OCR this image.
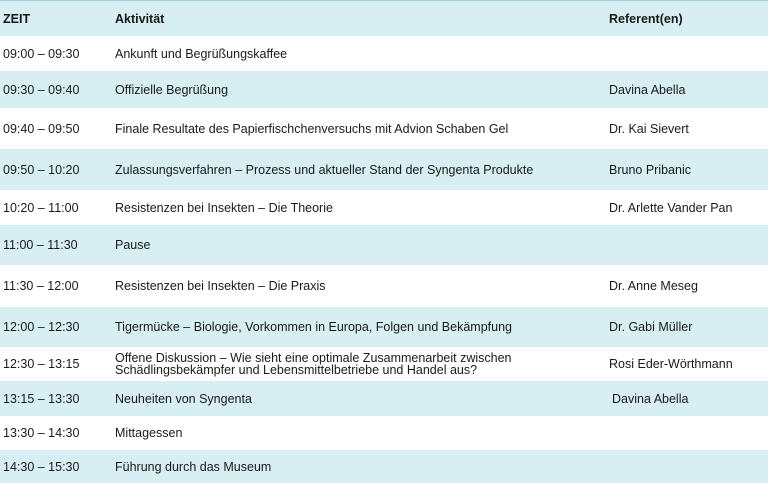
ZEIT	Aktivität	Referent(en)
09:00 – 09:30	Ankunft und Begrüßungskaffee
09:30 – 09:40	Offizielle Begrüßung	Davina Abella
09:40 – 09:50	Finale Resultate des Papierfischchenversuchs mit Advion Schaben Gel	Dr. Kai Sievert
09:50 – 10:20	Zulassungsverfahren – Prozess und aktueller Stand der Syngenta Produkte	Bruno Pribanic
10:20 – 11:00	Resistenzen bei Insekten – Die Theorie	Dr. Arlette Vander Pan
11:00 – 11:30	Pause
11:30 – 12:00	Resistenzen bei Insekten – Die Praxis	Dr. Anne Meseg
12:00 – 12:30	Tigermücke – Biologie, Vorkommen in Europa, Folgen und Bekämpfung	Dr. Gabi Müller
12:30 – 13:15	Offene Diskussion – Wie sieht eine optimale Zusammenarbeit zwischen Schädlingsbekämpfer und Lebensmittelbetriebe und Handel aus?	Rosi Eder-Wörthmann
13:15 – 13:30	Neuheiten von Syngenta	Davina Abella
13:30 – 14:30	Mittagessen
14:30 – 15:30	Führung durch das Museum
